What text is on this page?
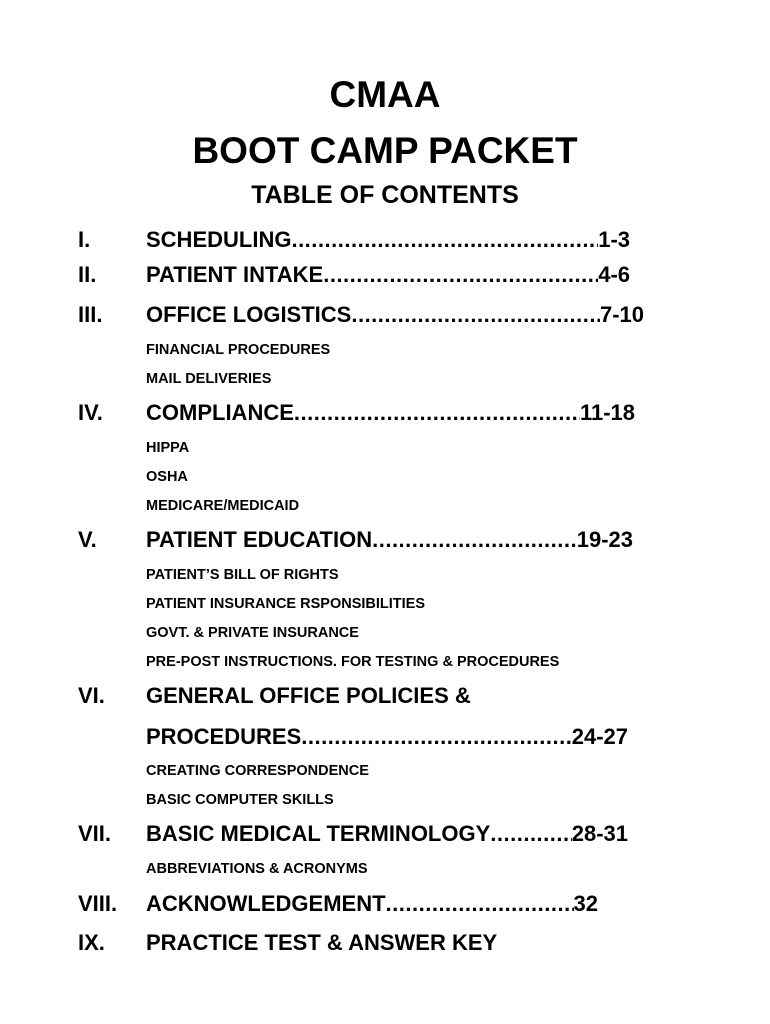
CMAA
BOOT CAMP PACKET
TABLE OF CONTENTS
I.	SCHEDULING .....	1-3
II. PATIENT INTAKE .....	4-6
III. OFFICE LOGISTICS .....	7-10
FINANCIAL PROCEDURES
MAIL DELIVERIES
IV. COMPLIANCE .....	11-18
HIPPA
OSHA
MEDICARE/MEDICAID
V. PATIENT EDUCATION .....	19-23
PATIENT’S BILL OF RIGHTS
PATIENT INSURANCE RSPONSIBILITIES
GOVT. & PRIVATE INSURANCE
PRE-POST INSTRUCTIONS. FOR TESTING & PROCEDURES
VI. GENERAL OFFICE POLICIES &
PROCEDURES .....	24-27
CREATING CORRESPONDENCE
BASIC COMPUTER SKILLS
VII. BASIC MEDICAL TERMINOLOGY .....	28-31
ABBREVIATIONS & ACRONYMS
VIII. ACKNOWLEDGEMENT .....	32
IX. PRACTICE TEST & ANSWER KEY
